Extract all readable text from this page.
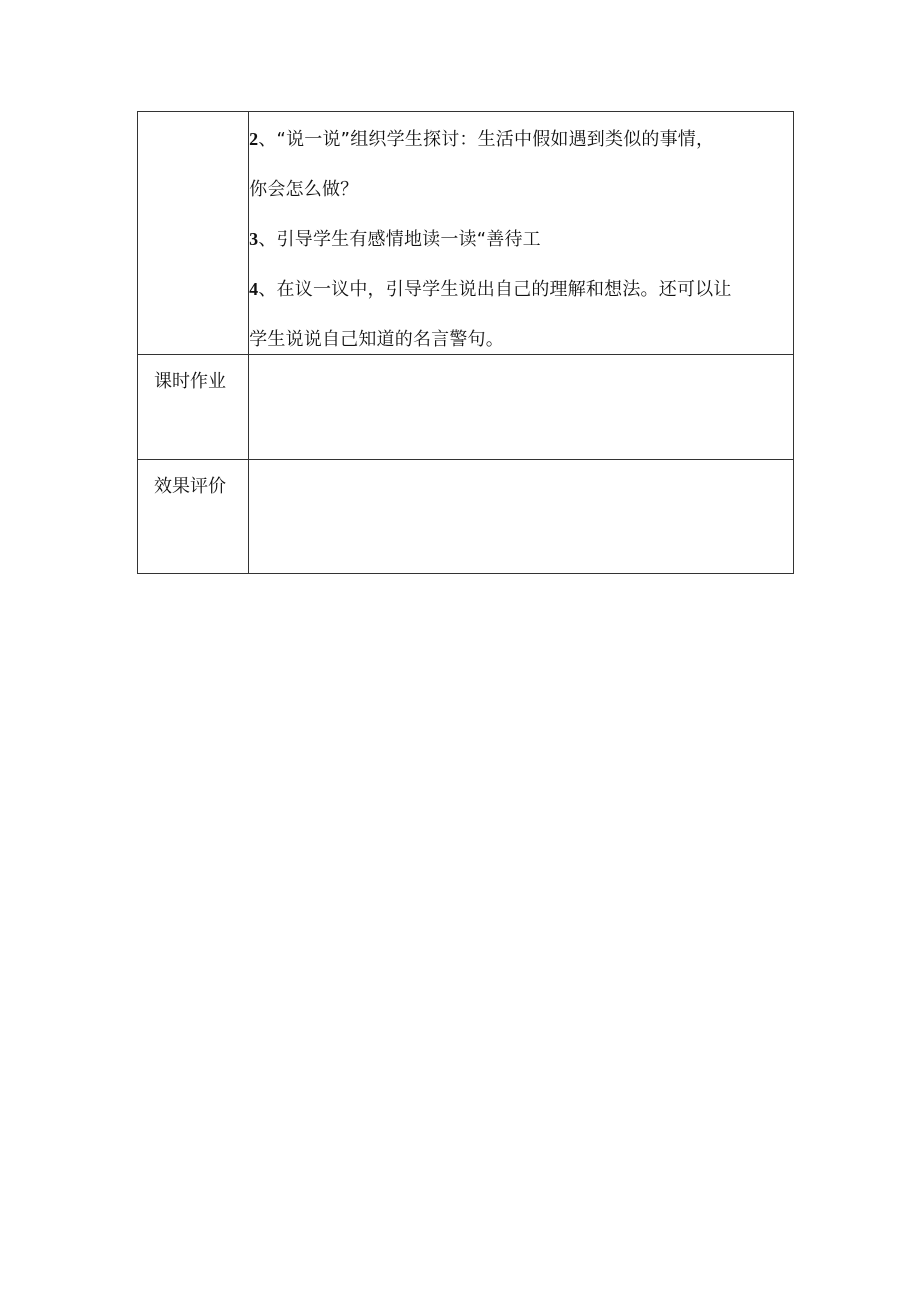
	2、“说一说”组织学生探讨：生活中假如遇到类似的事情，
你会怎么做？
3、引导学生有感情地读一读“善待工
4、在议一议中，引导学生说出自己的理解和想法。还可以让
学生说说自己知道的名言警句。

课时作业	

效果评价	
